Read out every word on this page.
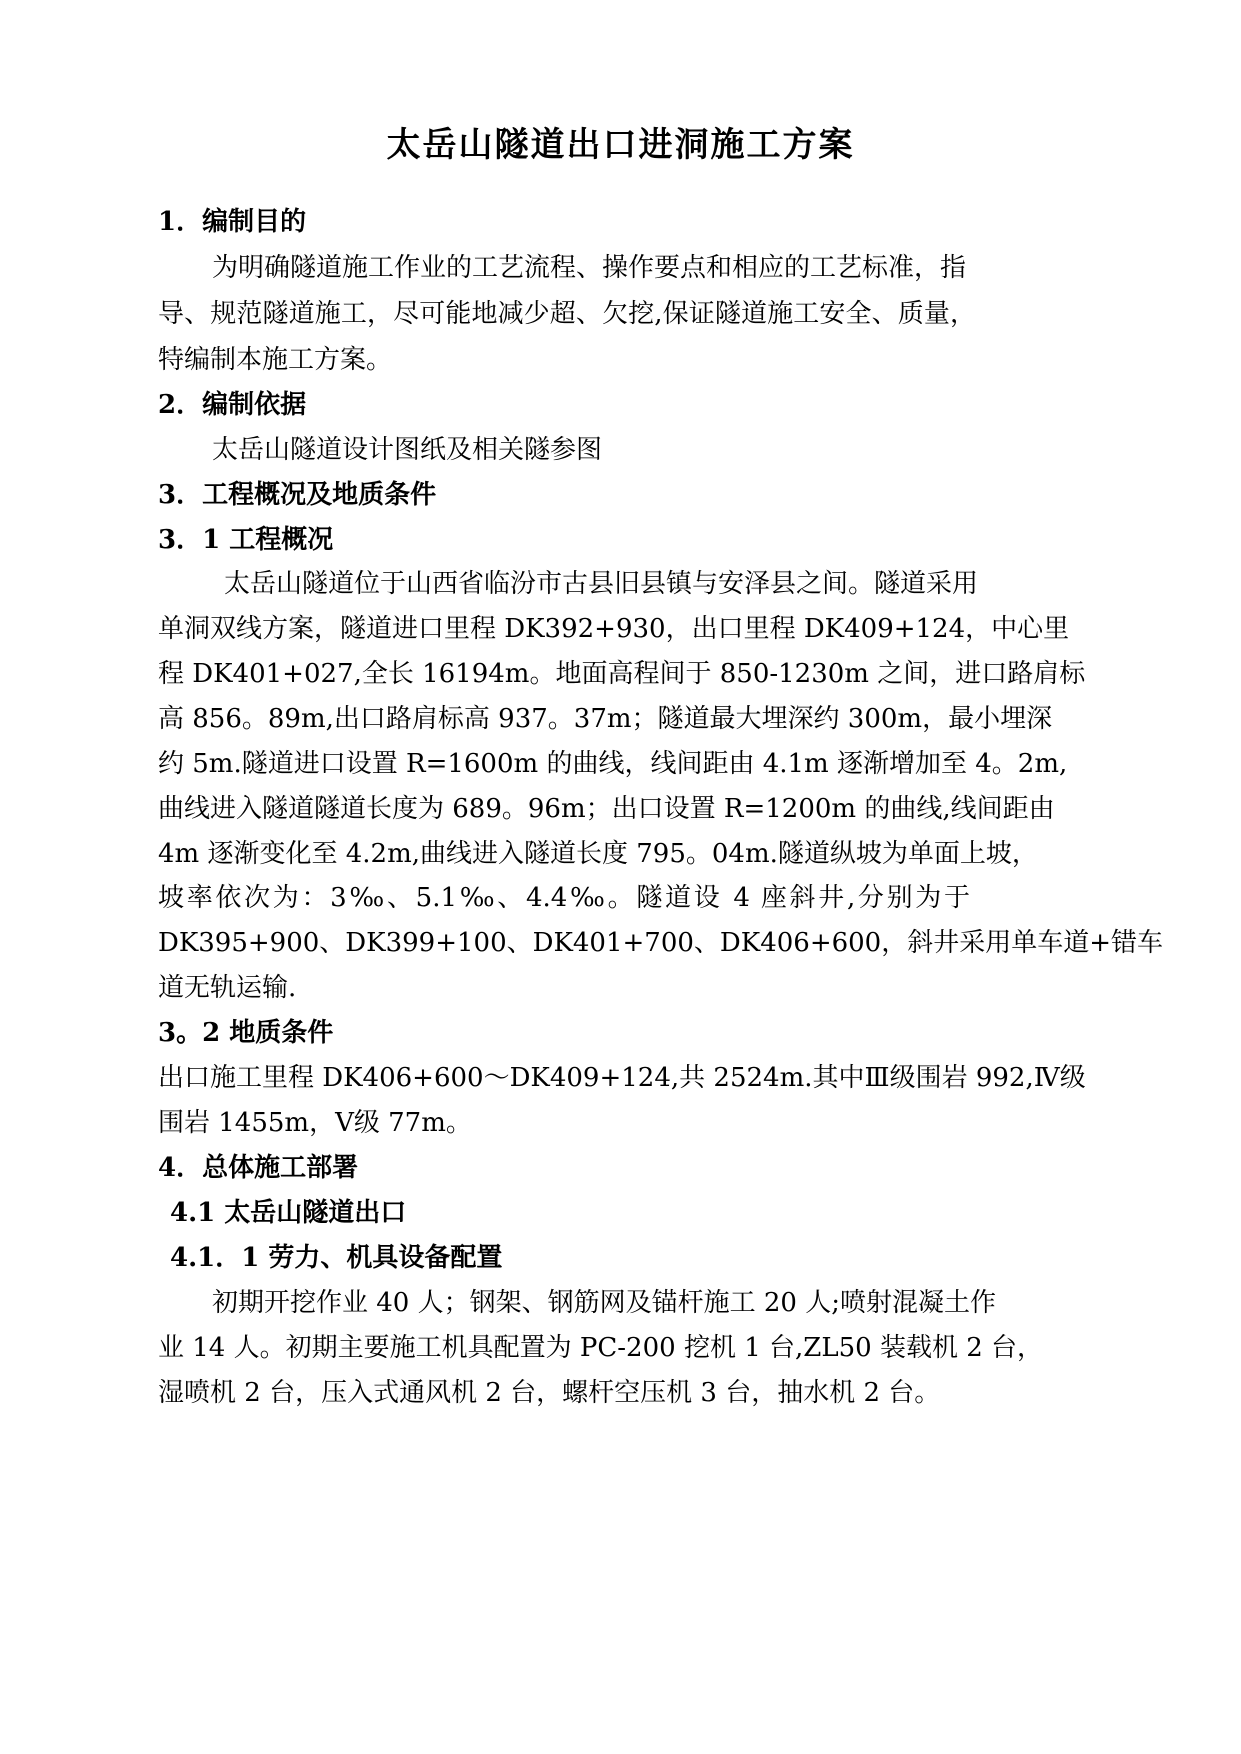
太岳山隧道出口进洞施工方案
1．编制目的
为明确隧道施工作业的工艺流程、操作要点和相应的工艺标准，指
导、规范隧道施工，尽可能地减少超、欠挖,保证隧道施工安全、质量，
特编制本施工方案。
2．编制依据
太岳山隧道设计图纸及相关隧参图
3．工程概况及地质条件
3．1 工程概况
太岳山隧道位于山西省临汾市古县旧县镇与安泽县之间。隧道采用
单洞双线方案，隧道进口里程 DK392+930，出口里程 DK409+124，中心里
程 DK401+027,全长 16194m。地面高程间于 850-1230m 之间，进口路肩标
高 856。89m,出口路肩标高 937。37m；隧道最大埋深约 300m，最小埋深
约 5m.隧道进口设置 R=1600m 的曲线，线间距由 4.1m 逐渐增加至 4。2m,
曲线进入隧道隧道长度为 689。96m；出口设置 R=1200m 的曲线,线间距由
4m 逐渐变化至 4.2m,曲线进入隧道长度 795。04m.隧道纵坡为单面上坡，
坡率依次为：3‰、5.1‰、4.4‰。隧道设 4 座斜井,分别为于
DK395+900、DK399+100、DK401+700、DK406+600，斜井采用单车道+错车
道无轨运输.
3。2 地质条件
出口施工里程 DK406+600～DK409+124,共 2524m.其中Ⅲ级围岩 992,Ⅳ级
围岩 1455m，Ⅴ级 77m。
4．总体施工部署
4.1 太岳山隧道出口
4.1．1 劳力、机具设备配置
初期开挖作业 40 人；钢架、钢筋网及锚杆施工 20 人;喷射混凝土作
业 14 人。初期主要施工机具配置为 PC-200 挖机 1 台,ZL50 装载机 2 台，
湿喷机 2 台，压入式通风机 2 台，螺杆空压机 3 台，抽水机 2 台。
